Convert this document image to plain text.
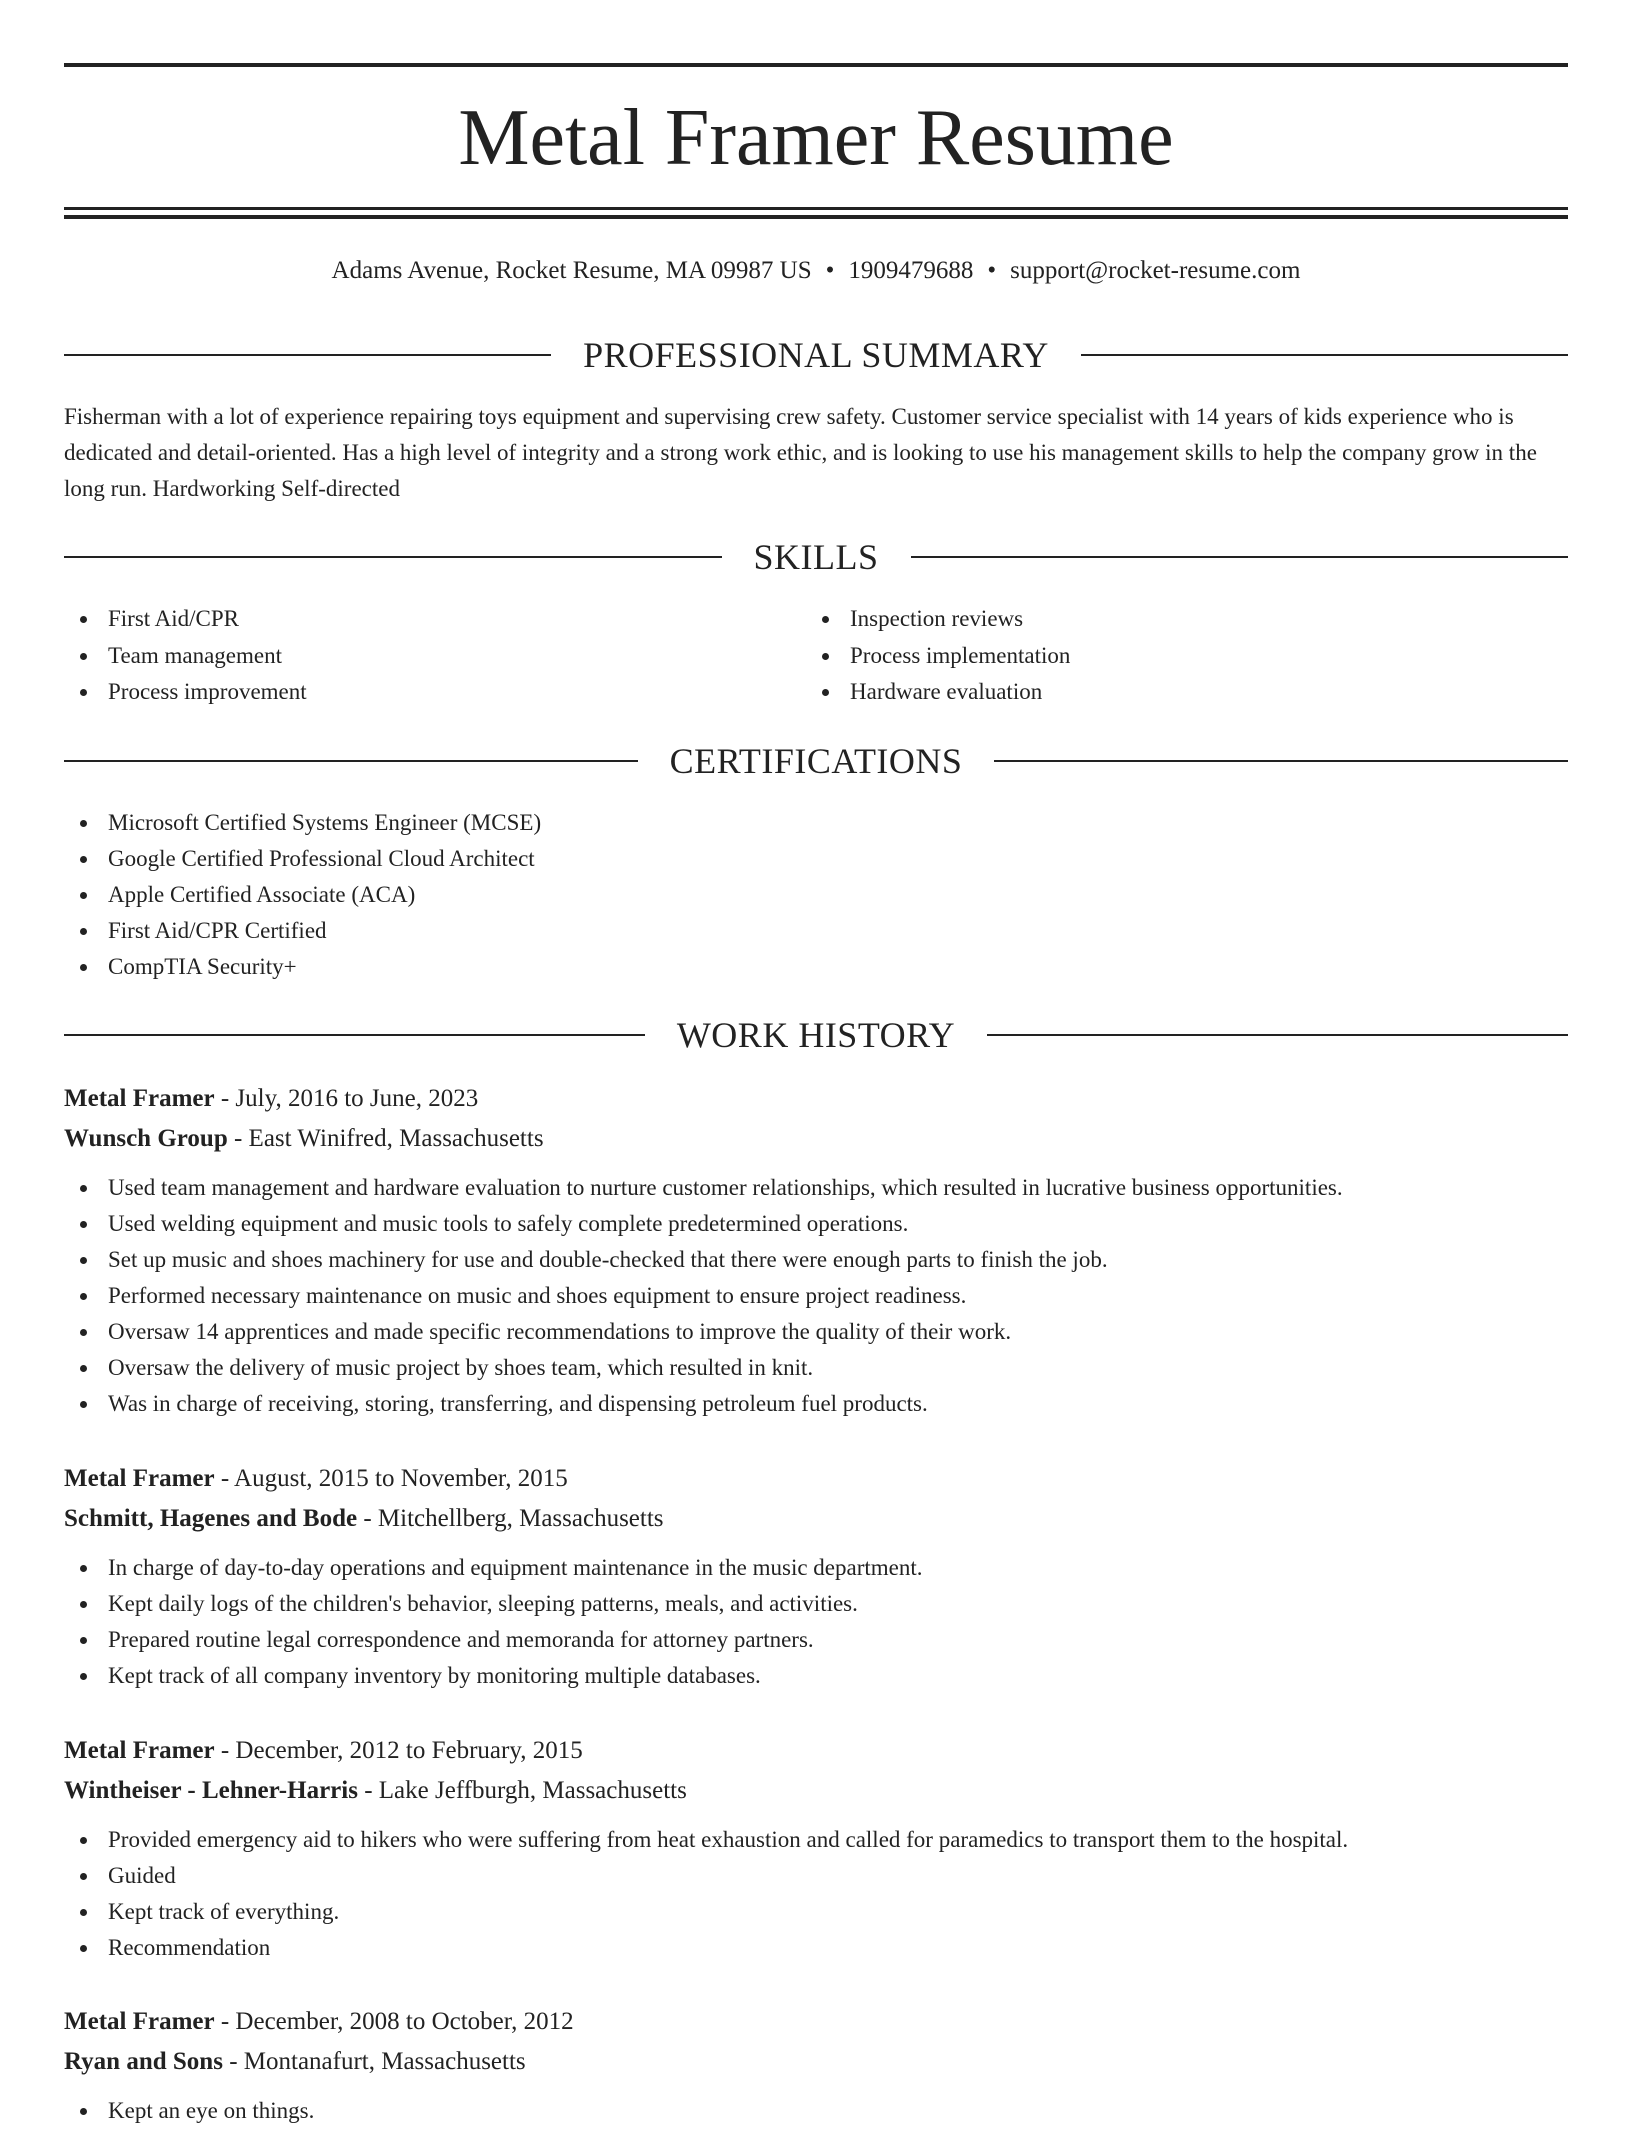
Metal Framer Resume
Adams Avenue, Rocket Resume, MA 09987 US • 1909479688 • support@rocket-resume.com
PROFESSIONAL SUMMARY

Fisherman with a lot of experience repairing toys equipment and supervising crew safety. Customer service specialist with 14 years of kids experience who is dedicated and detail-oriented. Has a high level of integrity and a strong work ethic, and is looking to use his management skills to help the company grow in the long run. Hardworking Self-directed

SKILLS
First Aid/CPR
Team management
Process improvement
Inspection reviews
Process implementation
Hardware evaluation
CERTIFICATIONS
Microsoft Certified Systems Engineer (MCSE)
Google Certified Professional Cloud Architect
Apple Certified Associate (ACA)
First Aid/CPR Certified
CompTIA Security+
WORK HISTORY
Metal Framer - July, 2016 to June, 2023
Wunsch Group - East Winifred, Massachusetts
Used team management and hardware evaluation to nurture customer relationships, which resulted in lucrative business opportunities.
Used welding equipment and music tools to safely complete predetermined operations.
Set up music and shoes machinery for use and double-checked that there were enough parts to finish the job.
Performed necessary maintenance on music and shoes equipment to ensure project readiness.
Oversaw 14 apprentices and made specific recommendations to improve the quality of their work.
Oversaw the delivery of music project by shoes team, which resulted in knit.
Was in charge of receiving, storing, transferring, and dispensing petroleum fuel products.
Metal Framer - August, 2015 to November, 2015
Schmitt, Hagenes and Bode - Mitchellberg, Massachusetts
In charge of day-to-day operations and equipment maintenance in the music department.
Kept daily logs of the children's behavior, sleeping patterns, meals, and activities.
Prepared routine legal correspondence and memoranda for attorney partners.
Kept track of all company inventory by monitoring multiple databases.
Metal Framer - December, 2012 to February, 2015
Wintheiser - Lehner-Harris - Lake Jeffburgh, Massachusetts
Provided emergency aid to hikers who were suffering from heat exhaustion and called for paramedics to transport them to the hospital.
Guided
Kept track of everything.
Recommendation
Metal Framer - December, 2008 to October, 2012
Ryan and Sons - Montanafurt, Massachusetts
Kept an eye on things.
